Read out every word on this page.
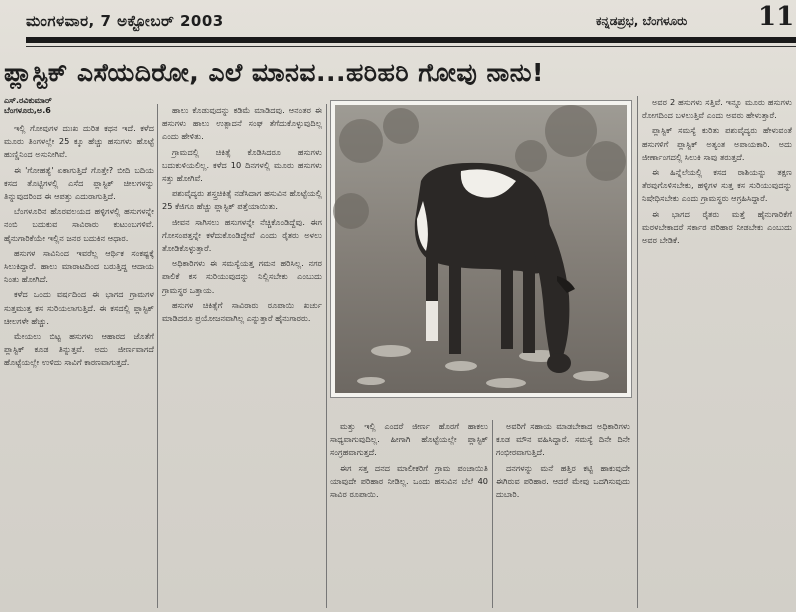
ಮಂಗಳವಾರ, 7 ಅಕ್ಟೋಬರ್ 2003	ಕನ್ನಡಪ್ರಭ, ಬೆಂಗಳೂರು	11
ಪ್ಲಾಸ್ಟಿಕ್ ಎಸೆಯದಿರೋ, ಎಲೆ ಮಾನವ...ಹರಿಹರಿ ಗೋವು ನಾನು!
ಎಸ್.ರವಿಕುಮಾರ್
ಬೆಂಗಳೂರು,ಅ.6

ಇಲ್ಲಿ ಗೋವುಗಳ ದುಃಖ ದುರಿತ ಕಥನ ಇದೆ. ಕಳೆದ ಮೂರು ತಿಂಗಳಲ್ಲೇ 25 ಕ್ಕೂ ಹೆಚ್ಚು ಹಸುಗಳು ಹೊಟ್ಟೆ ಹುಣ್ಣಿನಿಂದ ಅಸುನೀಗಿವೆ.

ಈ 'ಗೋಹತ್ಯೆ' ಏಕಾಗುತ್ತಿದೆ ಗೊತ್ತೇ? ಬೀದಿ ಬದಿಯ ಕಸದ ತೊಟ್ಟಿಗಳಲ್ಲಿ ಎಸೆದ ಪ್ಲಾಸ್ಟಿಕ್ ಚೀಲಗಳನ್ನು ತಿನ್ನುವುದರಿಂದ ಈ ಆಪತ್ತು ಎದುರಾಗುತ್ತಿದೆ.

ಬೆಂಗಳೂರಿನ ಹೊರವಲಯದ ಹಳ್ಳಿಗಳಲ್ಲಿ ಹಸುಗಳನ್ನೇ ನಂಬಿ ಬದುಕುವ ಸಾವಿರಾರು ಕುಟುಂಬಗಳಿವೆ. ಹೈನುಗಾರಿಕೆಯೇ ಇಲ್ಲಿನ ಜನರ ಬದುಕಿನ ಆಧಾರ.

ಹಸುಗಳ ಸಾವಿನಿಂದ ಇವರೆಲ್ಲ ಆರ್ಥಿಕ ಸಂಕಷ್ಟಕ್ಕೆ ಸಿಲುಕಿದ್ದಾರೆ. ಹಾಲು ಮಾರಾಟದಿಂದ ಬರುತ್ತಿದ್ದ ಆದಾಯ ನಿಂತು ಹೋಗಿದೆ.

ಕಳೆದ ಒಂದು ವರ್ಷದಿಂದ ಈ ಭಾಗದ ಗ್ರಾಮಗಳ ಸುತ್ತಮುತ್ತ ಕಸ ಸುರಿಯಲಾಗುತ್ತಿದೆ. ಈ ಕಸದಲ್ಲಿ ಪ್ಲಾಸ್ಟಿಕ್ ಚೀಲಗಳೇ ಹೆಚ್ಚು.

ಮೇಯಲು ಬಿಟ್ಟ ಹಸುಗಳು ಆಹಾರದ ಜೊತೆಗೆ ಪ್ಲಾಸ್ಟಿಕ್ ಕೂಡ ತಿನ್ನುತ್ತವೆ. ಅದು ಜೀರ್ಣವಾಗದೆ ಹೊಟ್ಟೆಯಲ್ಲೇ ಉಳಿದು ಸಾವಿಗೆ ಕಾರಣವಾಗುತ್ತದೆ.

ಹಾಲು ಕೊಡುವುದನ್ನು ಕಡಿಮೆ ಮಾಡಿದವು. ಆನಂತರ ಈ ಹಸುಗಳು ಹಾಲು ಉತ್ಪಾದನೆ ಸಂಘ ತೆಗೆದುಕೊಳ್ಳುವುದಿಲ್ಲ ಎಂದು ಹೇಳಿತು.

ಗ್ರಾಮದಲ್ಲಿ ಚಿಕಿತ್ಸೆ ಕೊಡಿಸಿದರೂ ಹಸುಗಳು ಬದುಕುಳಿಯಲಿಲ್ಲ. ಕಳೆದ 10 ದಿನಗಳಲ್ಲಿ ಮೂರು ಹಸುಗಳು ಸತ್ತು ಹೋಗಿವೆ.

ಪಶುವೈದ್ಯರು ಶಸ್ತ್ರಚಿಕಿತ್ಸೆ ನಡೆಸಿದಾಗ ಹಸುವಿನ ಹೊಟ್ಟೆಯಲ್ಲಿ 25 ಕೆಜಿಗೂ ಹೆಚ್ಚು ಪ್ಲಾಸ್ಟಿಕ್ ಪತ್ತೆಯಾಯಿತು.

ಜೀವನ ಸಾಗಿಸಲು ಹಸುಗಳನ್ನೇ ನೆಚ್ಚಿಕೊಂಡಿದ್ದೆವು. ಈಗ ಗೋಸಂಪತ್ತನ್ನೇ ಕಳೆದುಕೊಂಡಿದ್ದೇವೆ ಎಂದು ರೈತರು ಅಳಲು ತೋಡಿಕೊಳ್ಳುತ್ತಾರೆ.

ಅಧಿಕಾರಿಗಳು ಈ ಸಮಸ್ಯೆಯತ್ತ ಗಮನ ಹರಿಸಿಲ್ಲ. ನಗರ ಪಾಲಿಕೆ ಕಸ ಸುರಿಯುವುದನ್ನು ನಿಲ್ಲಿಸಬೇಕು ಎಂಬುದು ಗ್ರಾಮಸ್ಥರ ಒತ್ತಾಯ.

ಹಸುಗಳ ಚಿಕಿತ್ಸೆಗೆ ಸಾವಿರಾರು ರೂಪಾಯಿ ಖರ್ಚು ಮಾಡಿದರೂ ಪ್ರಯೋಜನವಾಗಿಲ್ಲ ಎನ್ನುತ್ತಾರೆ ಹೈನುಗಾರರು.

ಮತ್ತು ಇಲ್ಲಿ ಎಂದರೆ ಜೀರ್ಣ ಹೊರಗೆ ಹಾಕಲು ಸಾಧ್ಯವಾಗುವುದಿಲ್ಲ. ಹೀಗಾಗಿ ಹೊಟ್ಟೆಯಲ್ಲೇ ಪ್ಲಾಸ್ಟಿಕ್ ಸಂಗ್ರಹವಾಗುತ್ತದೆ.

ಈಗ ಸತ್ತ ದನದ ಮಾಲೀಕರಿಗೆ ಗ್ರಾಮ ಪಂಚಾಯಿತಿ ಯಾವುದೇ ಪರಿಹಾರ ನೀಡಿಲ್ಲ. ಒಂದು ಹಸುವಿನ ಬೆಲೆ 40 ಸಾವಿರ ರೂಪಾಯಿ.

ಅವರಿಗೆ ಸಹಾಯ ಮಾಡಬೇಕಾದ ಅಧಿಕಾರಿಗಳು ಕೂಡ ಮೌನ ವಹಿಸಿದ್ದಾರೆ. ಸಮಸ್ಯೆ ದಿನೇ ದಿನೇ ಗಂಭೀರವಾಗುತ್ತಿದೆ.

ದನಗಳನ್ನು ಮನೆ ಹತ್ತಿರ ಕಟ್ಟಿ ಹಾಕುವುದೇ ಈಗಿರುವ ಪರಿಹಾರ. ಆದರೆ ಮೇವು ಒದಗಿಸುವುದು ದುಬಾರಿ.

ಅವರ 2 ಹಸುಗಳು ಸತ್ತಿವೆ. ಇನ್ನೂ ಮೂರು ಹಸುಗಳು ರೋಗದಿಂದ ಬಳಲುತ್ತಿವೆ ಎಂದು ಅವರು ಹೇಳುತ್ತಾರೆ.

ಪ್ಲಾಸ್ಟಿಕ್ ಸಮಸ್ಯೆ ಕುರಿತು ಪಶುವೈದ್ಯರು ಹೇಳುವಂತೆ ಹಸುಗಳಿಗೆ ಪ್ಲಾಸ್ಟಿಕ್ ಅತ್ಯಂತ ಅಪಾಯಕಾರಿ. ಅದು ಜೀರ್ಣಾಂಗದಲ್ಲಿ ಸಿಲುಕಿ ಸಾವು ತರುತ್ತದೆ.

ಈ ಹಿನ್ನೆಲೆಯಲ್ಲಿ ಕಸದ ರಾಶಿಯನ್ನು ತಕ್ಷಣ ತೆರವುಗೊಳಿಸಬೇಕು, ಹಳ್ಳಿಗಳ ಸುತ್ತ ಕಸ ಸುರಿಯುವುದನ್ನು ನಿಷೇಧಿಸಬೇಕು ಎಂದು ಗ್ರಾಮಸ್ಥರು ಆಗ್ರಹಿಸಿದ್ದಾರೆ.

ಈ ಭಾಗದ ರೈತರು ಮತ್ತೆ ಹೈನುಗಾರಿಕೆಗೆ ಮರಳಬೇಕಾದರೆ ಸರ್ಕಾರ ಪರಿಹಾರ ನೀಡಬೇಕು ಎಂಬುದು ಅವರ ಬೇಡಿಕೆ.
